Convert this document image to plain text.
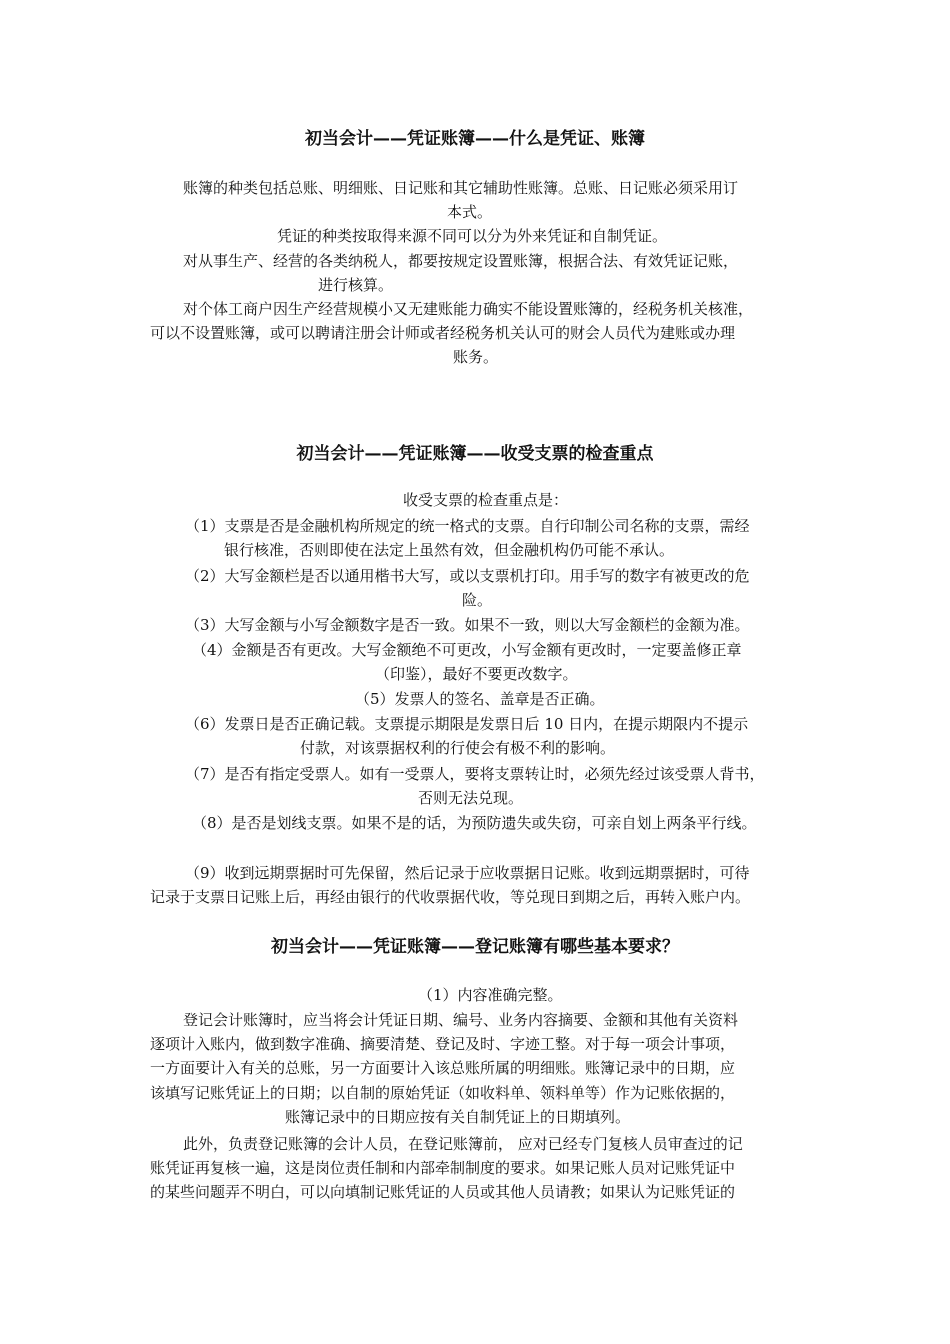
初当会计——凭证账簿——什么是凭证、账簿
账簿的种类包括总账、明细账、日记账和其它辅助性账簿。总账、日记账必须采用订
本式。
凭证的种类按取得来源不同可以分为外来凭证和自制凭证。
对从事生产、经营的各类纳税人，都要按规定设置账簿，根据合法、有效凭证记账，
进行核算。
对个体工商户因生产经营规模小又无建账能力确实不能设置账簿的，经税务机关核准，
可以不设置账簿，或可以聘请注册会计师或者经税务机关认可的财会人员代为建账或办理
账务。
初当会计——凭证账簿——收受支票的检查重点
收受支票的检查重点是：
（1）支票是否是金融机构所规定的统一格式的支票。自行印制公司名称的支票，需经
银行核准，否则即使在法定上虽然有效，但金融机构仍可能不承认。
（2）大写金额栏是否以通用楷书大写，或以支票机打印。用手写的数字有被更改的危
险。
（3）大写金额与小写金额数字是否一致。如果不一致，则以大写金额栏的金额为准。
（4）金额是否有更改。大写金额绝不可更改，小写金额有更改时，一定要盖修正章
（印鉴），最好不要更改数字。
（5）发票人的签名、盖章是否正确。
（6）发票日是否正确记载。支票提示期限是发票日后 10 日内，在提示期限内不提示
付款，对该票据权利的行使会有极不利的影响。
（7）是否有指定受票人。如有一受票人，要将支票转让时，必须先经过该受票人背书，
否则无法兑现。
（8）是否是划线支票。如果不是的话，为预防遗失或失窃，可亲自划上两条平行线。
（9）收到远期票据时可先保留，然后记录于应收票据日记账。收到远期票据时，可待
记录于支票日记账上后，再经由银行的代收票据代收，等兑现日到期之后，再转入账户内。
初当会计——凭证账簿——登记账簿有哪些基本要求？
（1）内容准确完整。
登记会计账簿时，应当将会计凭证日期、编号、业务内容摘要、金额和其他有关资料
逐项计入账内，做到数字准确、摘要清楚、登记及时、字迹工整。对于每一项会计事项，
一方面要计入有关的总账，另一方面要计入该总账所属的明细账。账簿记录中的日期，应
该填写记账凭证上的日期；以自制的原始凭证（如收料单、领料单等）作为记账依据的，
账簿记录中的日期应按有关自制凭证上的日期填列。
此外，负责登记账簿的会计人员，在登记账簿前， 应对已经专门复核人员审查过的记
账凭证再复核一遍，这是岗位责任制和内部牵制制度的要求。如果记账人员对记账凭证中
的某些问题弄不明白，可以向填制记账凭证的人员或其他人员请教；如果认为记账凭证的
